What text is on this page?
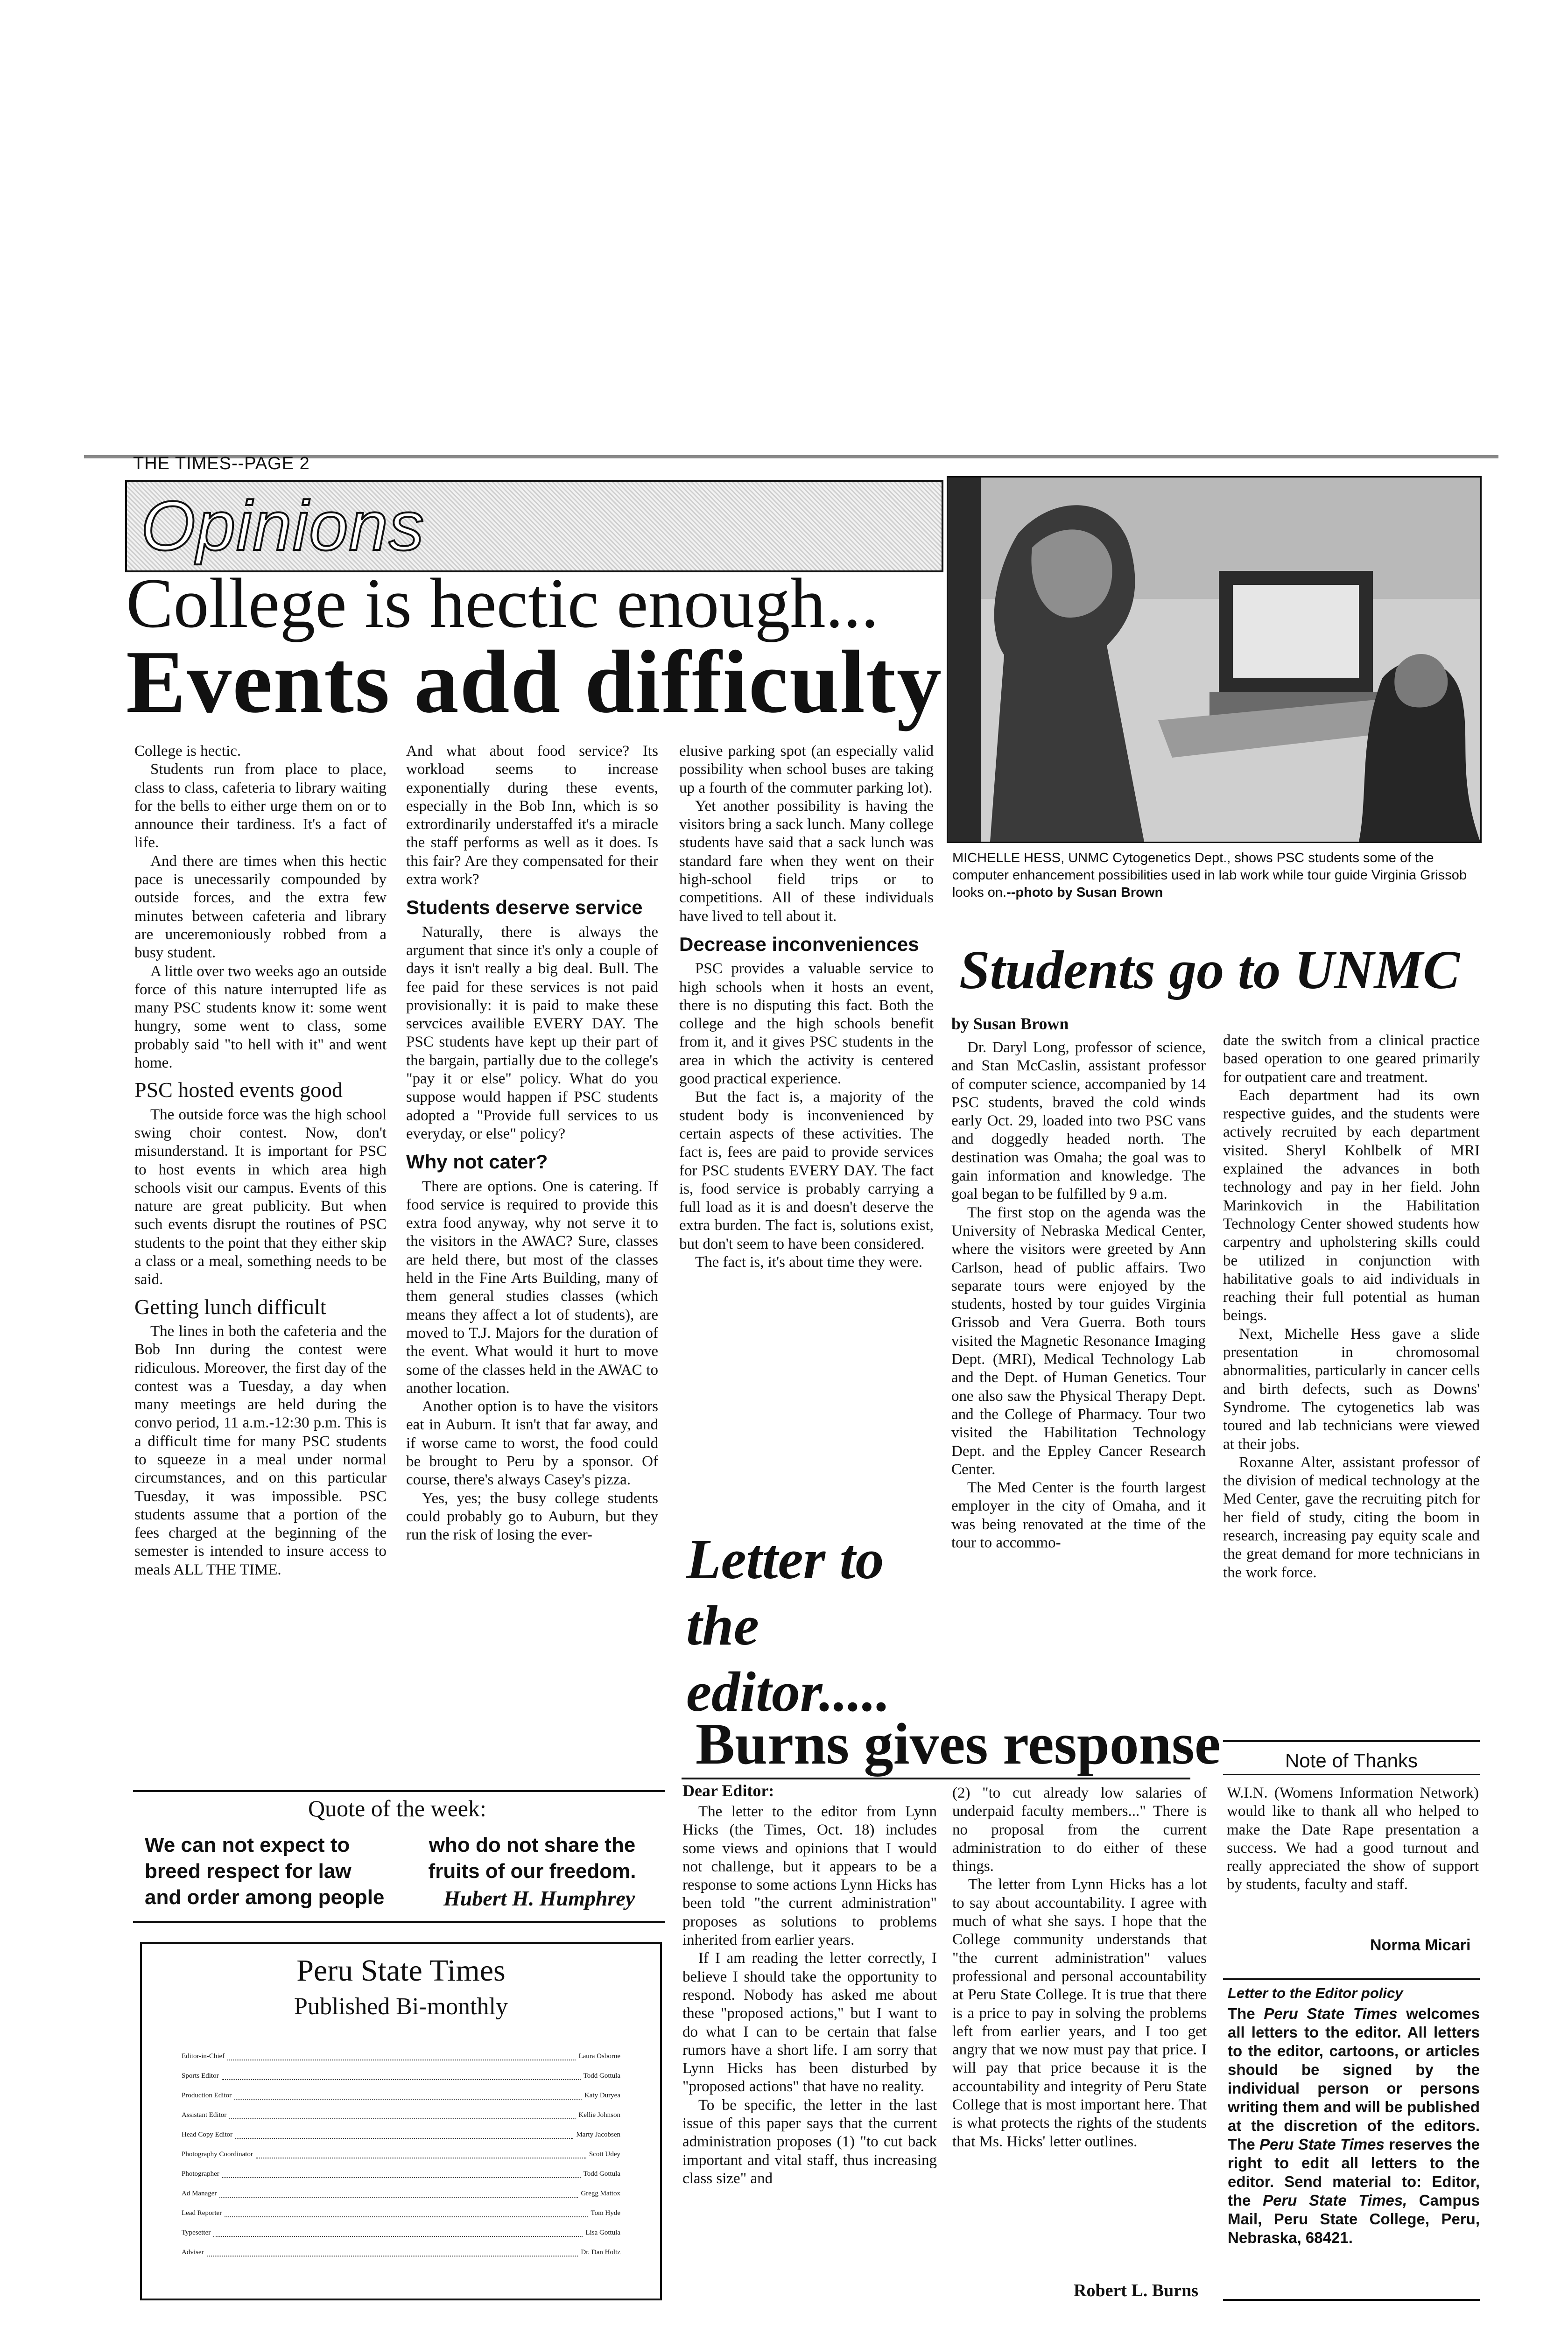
THE TIMES--PAGE 2
Opinions
College is hectic enough...
Events add difficulty

College is hectic.

Students run from place to place, class to class, cafeteria to library waiting for the bells to either urge them on or to announce their tardiness. It's a fact of life.

And there are times when this hectic pace is unecessarily compounded by outside forces, and the extra few minutes between cafeteria and library are unceremoniously robbed from a busy student.

A little over two weeks ago an outside force of this nature interrupted life as many PSC students know it: some went hungry, some went to class, some probably said "to hell with it" and went home.

PSC hosted events good

The outside force was the high school swing choir contest. Now, don't misunderstand. It is important for PSC to host events in which area high schools visit our campus. Events of this nature are great publicity. But when such events disrupt the routines of PSC students to the point that they either skip a class or a meal, something needs to be said.

Getting lunch difficult

The lines in both the cafeteria and the Bob Inn during the contest were ridiculous. Moreover, the first day of the contest was a Tuesday, a day when many meetings are held during the convo period, 11 a.m.-12:30 p.m. This is a difficult time for many PSC students to squeeze in a meal under normal circumstances, and on this particular Tuesday, it was impossible. PSC students assume that a portion of the fees charged at the beginning of the semester is intended to insure access to meals ALL THE TIME.

And what about food service? Its workload seems to increase exponentially during these events, especially in the Bob Inn, which is so extrordinarily understaffed it's a miracle the staff performs as well as it does. Is this fair? Are they compensated for their extra work?

Students deserve service

Naturally, there is always the argument that since it's only a couple of days it isn't really a big deal. Bull. The fee paid for these services is not paid provisionally: it is paid to make these servcices availible EVERY DAY. The PSC students have kept up their part of the bargain, partially due to the college's "pay it or else" policy. What do you suppose would happen if PSC students adopted a "Provide full services to us everyday, or else" policy?

Why not cater?

There are options. One is catering. If food service is required to provide this extra food anyway, why not serve it to the visitors in the AWAC? Sure, classes are held there, but most of the classes held in the Fine Arts Building, many of them general studies classes (which means they affect a lot of students), are moved to T.J. Majors for the duration of the event. What would it hurt to move some of the classes held in the AWAC to another location.

Another option is to have the visitors eat in Auburn. It isn't that far away, and if worse came to worst, the food could be brought to Peru by a sponsor. Of course, there's always Casey's pizza.

Yes, yes; the busy college students could probably go to Auburn, but they run the risk of losing the ever-

elusive parking spot (an especially valid possibility when school buses are taking up a fourth of the commuter parking lot).

Yet another possibility is having the visitors bring a sack lunch. Many college students have said that a sack lunch was standard fare when they went on their high-school field trips or to competitions. All of these individuals have lived to tell about it.

Decrease inconveniences

PSC provides a valuable service to high schools when it hosts an event, there is no disputing this fact. Both the college and the high schools benefit from it, and it gives PSC students in the area in which the activity is centered good practical experience.

But the fact is, a majority of the student body is inconvenienced by certain aspects of these activities. The fact is, fees are paid to provide services for PSC students EVERY DAY. The fact is, food service is probably carrying a full load as it is and doesn't deserve the extra burden. The fact is, solutions exist, but don't seem to have been considered.

The fact is, it's about time they were.

MICHELLE HESS, UNMC Cytogenetics Dept., shows PSC students some of the computer enhancement possibilities used in lab work while tour guide Virginia Grissob looks on.--photo by Susan Brown
Students go to UNMC
by Susan Brown

Dr. Daryl Long, professor of science, and Stan McCaslin, assistant professor of computer science, accompanied by 14 PSC students, braved the cold winds early Oct. 29, loaded into two PSC vans and doggedly headed north. The destination was Omaha; the goal was to gain information and knowledge. The goal began to be fulfilled by 9 a.m.

The first stop on the agenda was the University of Nebraska Medical Center, where the visitors were greeted by Ann Carlson, head of public affairs. Two separate tours were enjoyed by the students, hosted by tour guides Virginia Grissob and Vera Guerra. Both tours visited the Magnetic Resonance Imaging Dept. (MRI), Medical Technology Lab and the Dept. of Human Genetics. Tour one also saw the Physical Therapy Dept. and the College of Pharmacy. Tour two visited the Habilitation Technology Dept. and the Eppley Cancer Research Center.

The Med Center is the fourth largest employer in the city of Omaha, and it was being renovated at the time of the tour to accommo-

date the switch from a clinical practice based operation to one geared primarily for outpatient care and treatment.

Each department had its own respective guides, and the students were actively recruited by each department visited. Sheryl Kohlbelk of MRI explained the advances in both technology and pay in her field. John Marinkovich in the Habilitation Technology Center showed students how carpentry and upholstering skills could be utilized in conjunction with habilitative goals to aid individuals in reaching their full potential as human beings.

Next, Michelle Hess gave a slide presentation in chromosomal abnormalities, particularly in cancer cells and birth defects, such as Downs' Syndrome. The cytogenetics lab was toured and lab technicians were viewed at their jobs.

Roxanne Alter, assistant professor of the division of medical technology at the Med Center, gave the recruiting pitch for her field of study, citing the boom in research, increasing pay equity scale and the great demand for more technicians in the work force.

Letter to the editor.....
Burns gives response
Dear Editor:

The letter to the editor from Lynn Hicks (the Times, Oct. 18) includes some views and opinions that I would not challenge, but it appears to be a response to some actions Lynn Hicks has been told "the current administration" proposes as solutions to problems inherited from earlier years.

If I am reading the letter correctly, I believe I should take the opportunity to respond. Nobody has asked me about these "proposed actions," but I want to do what I can to be certain that false rumors have a short life. I am sorry that Lynn Hicks has been disturbed by "proposed actions" that have no reality.

To be specific, the letter in the last issue of this paper says that the current administration proposes (1) "to cut back important and vital staff, thus increasing class size" and

(2) "to cut already low salaries of underpaid faculty members..." There is no proposal from the current administration to do either of these things.

The letter from Lynn Hicks has a lot to say about accountability. I agree with much of what she says. I hope that the College community understands that "the current administration" values professional and personal accountability at Peru State College. It is true that there is a price to pay in solving the problems left from earlier years, and I too get angry that we now must pay that price. I will pay that price because it is the accountability and integrity of Peru State College that is most important here. That is what protects the rights of the students that Ms. Hicks' letter outlines.

Robert L. Burns
Quote of the week:
We can not expect to breed respect for law and order among people
who do not share the fruits of our freedom.
Hubert H. Humphrey
Peru State Times
Published Bi-monthly
Editor-in-Chief	Laura Osborne
Sports Editor	Todd Gottula
Production Editor	Katy Duryea
Assistant Editor	Kellie Johnson
Head Copy Editor	Marty Jacobsen
Photography Coordinator	Scott Udey
Photographer	Todd Gottula
Ad Manager	Gregg Mattox
Lead Reporter	Tom Hyde
Typesetter	Lisa Gottula
Adviser	Dr. Dan Holtz
Note of Thanks

W.I.N. (Womens Information Network) would like to thank all who helped to make the Date Rape presentation a success. We had a good turnout and really appreciated the show of support by students, faculty and staff.

Norma Micari
Letter to the Editor policy
The Peru State Times welcomes all letters to the editor. All letters to the editor, cartoons, or articles should be signed by the individual person or persons writing them and will be published at the discretion of the editors. The Peru State Times reserves the right to edit all letters to the editor. Send material to: Editor, the Peru State Times, Campus Mail, Peru State College, Peru, Nebraska, 68421.
